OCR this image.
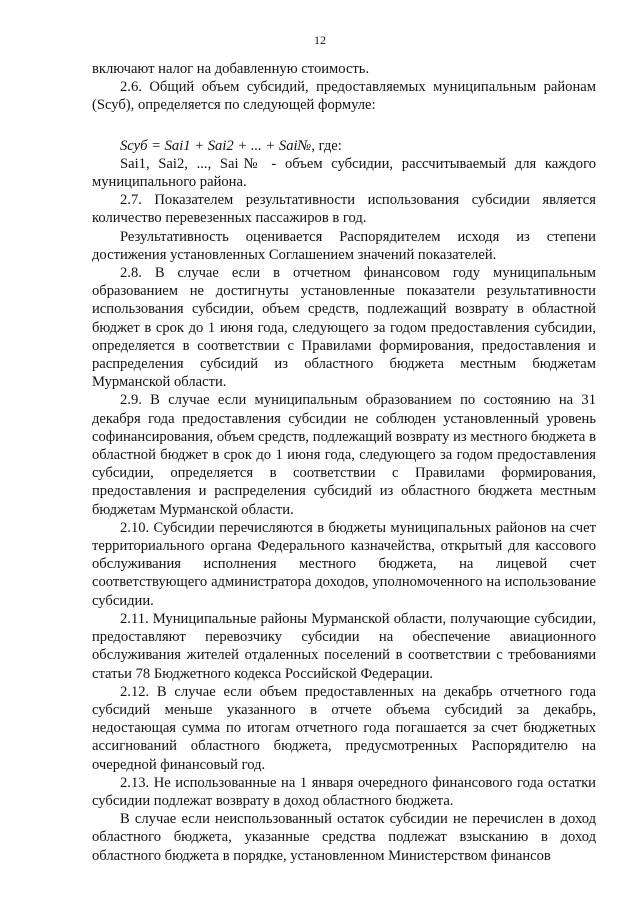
12

включают налог на добавленную стоимость.

2.6. Общий объем субсидий, предоставляемых муниципальным районам (Sсуб), определяется по следующей формуле:

Sсуб = Sai1 + Sai2 + ... + Sai№, где:

Sai1, Sai2, ..., Sai№ - объем субсидии, рассчитываемый для каждого муниципального района.

2.7. Показателем результативности использования субсидии является количество перевезенных пассажиров в год.

Результативность оценивается Распорядителем исходя из степени достижения установленных Соглашением значений показателей.

2.8. В случае если в отчетном финансовом году муниципальным образованием не достигнуты установленные показатели результативности использования субсидии, объем средств, подлежащий возврату в областной бюджет в срок до 1 июня года, следующего за годом предоставления субсидии, определяется в соответствии с Правилами формирования, предоставления и распределения субсидий из областного бюджета местным бюджетам Мурманской области.

2.9. В случае если муниципальным образованием по состоянию на 31 декабря года предоставления субсидии не соблюден установленный уровень софинансирования, объем средств, подлежащий возврату из местного бюджета в областной бюджет в срок до 1 июня года, следующего за годом предоставления субсидии, определяется в соответствии с Правилами формирования, предоставления и распределения субсидий из областного бюджета местным бюджетам Мурманской области.

2.10. Субсидии перечисляются в бюджеты муниципальных районов на счет территориального органа Федерального казначейства, открытый для кассового обслуживания исполнения местного бюджета, на лицевой счет соответствующего администратора доходов, уполномоченного на использование субсидии.

2.11. Муниципальные районы Мурманской области, получающие субсидии, предоставляют перевозчику субсидии на обеспечение авиационного обслуживания жителей отдаленных поселений в соответствии с требованиями статьи 78 Бюджетного кодекса Российской Федерации.

2.12. В случае если объем предоставленных на декабрь отчетного года субсидий меньше указанного в отчете объема субсидий за декабрь, недостающая сумма по итогам отчетного года погашается за счет бюджетных ассигнований областного бюджета, предусмотренных Распорядителю на очередной финансовый год.

2.13. Не использованные на 1 января очередного финансового года остатки субсидии подлежат возврату в доход областного бюджета.

В случае если неиспользованный остаток субсидии не перечислен в доход областного бюджета, указанные средства подлежат взысканию в доход областного бюджета в порядке, установленном Министерством финансов
